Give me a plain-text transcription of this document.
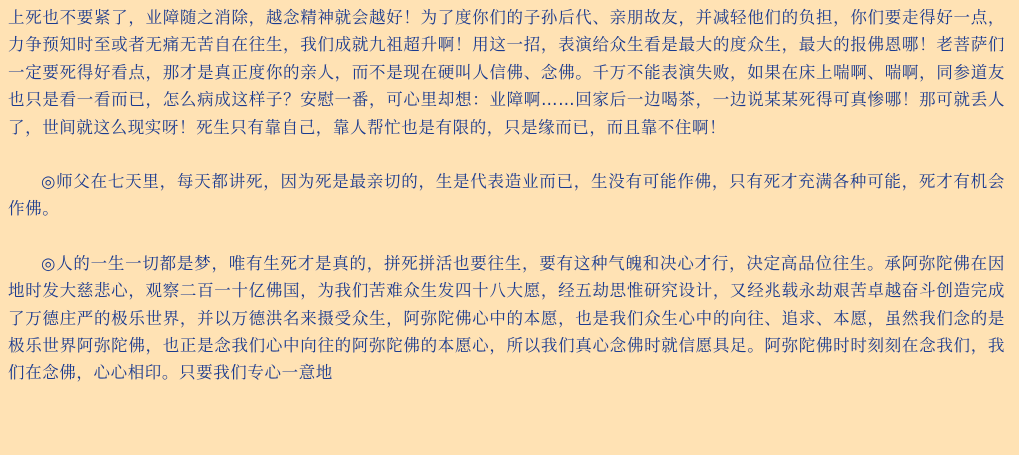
上死也不要紧了，业障随之消除，越念精神就会越好！为了度你们的子孙后代、亲朋故友，并减轻他们的负担，你们要走得好一点，力争预知时至或者无痛无苦自在往生，我们成就九祖超升啊！用这一招，表演给众生看是最大的度众生，最大的报佛恩哪！老菩萨们一定要死得好看点，那才是真正度你的亲人，而不是现在硬叫人信佛、念佛。千万不能表演失败，如果在床上喘啊、喘啊，同参道友也只是看一看而已，怎么病成这样子？安慰一番，可心里却想：业障啊……回家后一边喝茶，一边说某某死得可真惨哪！那可就丢人了，世间就这么现实呀！死生只有靠自己，靠人帮忙也是有限的，只是缘而已，而且靠不住啊！

◎师父在七天里，每天都讲死，因为死是最亲切的，生是代表造业而已，生没有可能作佛，只有死才充满各种可能，死才有机会作佛。

◎人的一生一切都是梦，唯有生死才是真的，拼死拼活也要往生，要有这种气魄和决心才行，决定高品位往生。承阿弥陀佛在因地时发大慈悲心，观察二百一十亿佛国，为我们苦难众生发四十八大愿，经五劫思惟研究设计，又经兆载永劫艰苦卓越奋斗创造完成了万德庄严的极乐世界，并以万德洪名来摄受众生，阿弥陀佛心中的本愿，也是我们众生心中的向往、追求、本愿，虽然我们念的是极乐世界阿弥陀佛，也正是念我们心中向往的阿弥陀佛的本愿心，所以我们真心念佛时就信愿具足。阿弥陀佛时时刻刻在念我们，我们在念佛，心心相印。只要我们专心一意地
